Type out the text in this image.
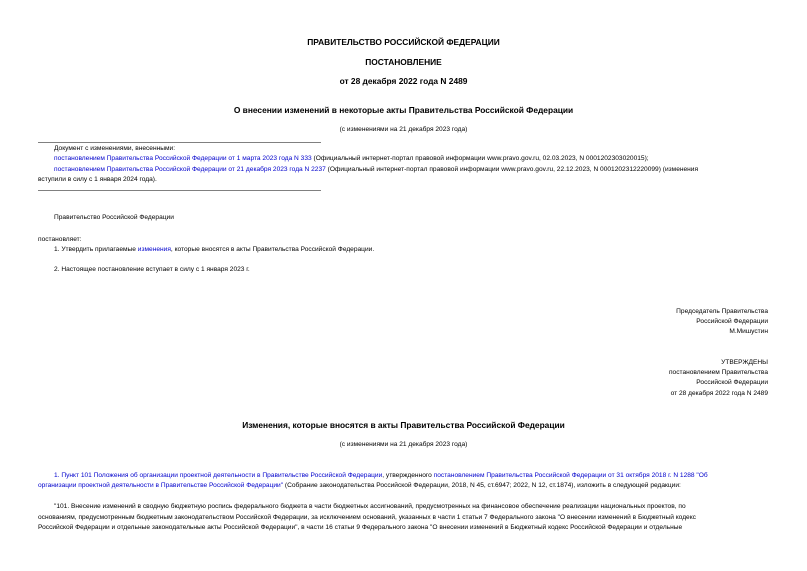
ПРАВИТЕЛЬСТВО РОССИЙСКОЙ ФЕДЕРАЦИИ
ПОСТАНОВЛЕНИЕ
от 28 декабря 2022 года N 2489
О внесении изменений в некоторые акты Правительства Российской Федерации
(с изменениями на 21 декабря 2023 года)
Документ с изменениями, внесенными:
постановлением Правительства Российской Федерации от 1 марта 2023 года N 333 (Официальный интернет-портал правовой информации www.pravo.gov.ru, 02.03.2023, N 0001202303020015);
постановлением Правительства Российской Федерации от 21 декабря 2023 года N 2237 (Официальный интернет-портал правовой информации www.pravo.gov.ru, 22.12.2023, N 0001202312220099) (изменения
вступили в силу с 1 января 2024 года).
Правительство Российской Федерации
постановляет:
1. Утвердить прилагаемые изменения, которые вносятся в акты Правительства Российской Федерации.
2. Настоящее постановление вступает в силу с 1 января 2023 г.
Председатель Правительства
Российской Федерации
М.Мишустин
УТВЕРЖДЕНЫ
постановлением Правительства
Российской Федерации
от 28 декабря 2022 года N 2489
Изменения, которые вносятся в акты Правительства Российской Федерации
(с изменениями на 21 декабря 2023 года)
1. Пункт 101 Положения об организации проектной деятельности в Правительстве Российской Федерации, утвержденного постановлением Правительства Российской Федерации от 31 октября 2018 г. N 1288 "Об
организации проектной деятельности в Правительстве Российской Федерации" (Собрание законодательства Российской Федерации, 2018, N 45, ст.6947; 2022, N 12, ст.1874), изложить в следующей редакции:
"101. Внесение изменений в сводную бюджетную роспись федерального бюджета в части бюджетных ассигнований, предусмотренных на финансовое обеспечение реализации национальных проектов, по
основаниям, предусмотренным бюджетным законодательством Российской Федерации, за исключением оснований, указанных в части 1 статьи 7 Федерального закона "О внесении изменений в Бюджетный кодекс
Российской Федерации и отдельные законодательные акты Российской Федерации", в части 16 статьи 9 Федерального закона "О внесении изменений в Бюджетный кодекс Российской Федерации и отдельные
